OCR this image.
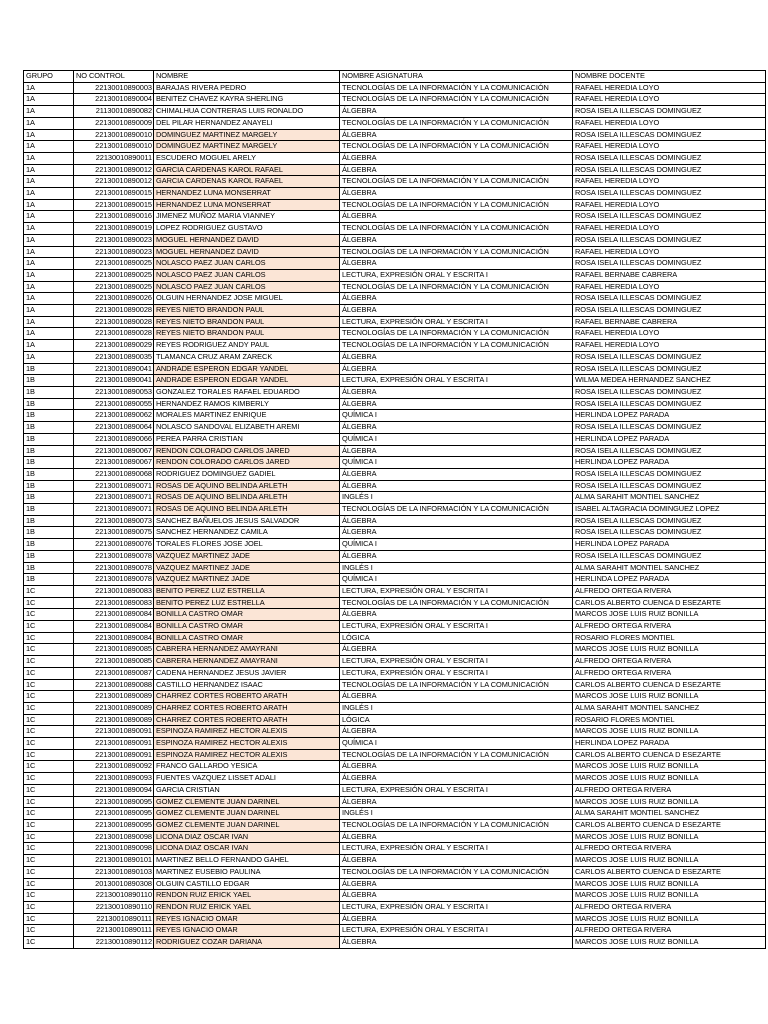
GRUPO	NO CONTROL	NOMBRE	NOMBRE ASIGNATURA	NOMBRE DOCENTE
1A	22130010890003	BARAJAS RIVERA PEDRO	TECNOLOGÍAS DE LA INFORMACIÓN Y LA COMUNICACIÓN	RAFAEL HEREDIA LOYO
1A	22130010890004	BENITEZ CHAVEZ KAYRA SHERLING	TECNOLOGÍAS DE LA INFORMACIÓN Y LA COMUNICACIÓN	RAFAEL HEREDIA LOYO
1A	21130010890082	CHIMALHUA CONTRERAS LUIS RONALDO	ÁLGEBRA	ROSA ISELA ILLESCAS DOMINGUEZ
1A	22130010890009	DEL PILAR HERNANDEZ ANAYELI	TECNOLOGÍAS DE LA INFORMACIÓN Y LA COMUNICACIÓN	RAFAEL HEREDIA LOYO
1A	22130010890010	DOMINGUEZ MARTINEZ MARGELY	ÁLGEBRA	ROSA ISELA ILLESCAS DOMINGUEZ
1A	22130010890010	DOMINGUEZ MARTINEZ MARGELY	TECNOLOGÍAS DE LA INFORMACIÓN Y LA COMUNICACIÓN	RAFAEL HEREDIA LOYO
1A	22130010890011	ESCUDERO MOGUEL ARELY	ÁLGEBRA	ROSA ISELA ILLESCAS DOMINGUEZ
1A	22130010890012	GARCIA CARDENAS KAROL RAFAEL	ÁLGEBRA	ROSA ISELA ILLESCAS DOMINGUEZ
1A	22130010890012	GARCIA CARDENAS KAROL RAFAEL	TECNOLOGÍAS DE LA INFORMACIÓN Y LA COMUNICACIÓN	RAFAEL HEREDIA LOYO
1A	22130010890015	HERNANDEZ LUNA MONSERRAT	ÁLGEBRA	ROSA ISELA ILLESCAS DOMINGUEZ
1A	22130010890015	HERNANDEZ LUNA MONSERRAT	TECNOLOGÍAS DE LA INFORMACIÓN Y LA COMUNICACIÓN	RAFAEL HEREDIA LOYO
1A	22130010890016	JIMENEZ MUÑOZ MARIA VIANNEY	ÁLGEBRA	ROSA ISELA ILLESCAS DOMINGUEZ
1A	22130010890019	LOPEZ RODRIGUEZ GUSTAVO	TECNOLOGÍAS DE LA INFORMACIÓN Y LA COMUNICACIÓN	RAFAEL HEREDIA LOYO
1A	22130010890023	MOGUEL HERNANDEZ DAVID	ÁLGEBRA	ROSA ISELA ILLESCAS DOMINGUEZ
1A	22130010890023	MOGUEL HERNANDEZ DAVID	TECNOLOGÍAS DE LA INFORMACIÓN Y LA COMUNICACIÓN	RAFAEL HEREDIA LOYO
1A	22130010890025	NOLASCO PAEZ JUAN CARLOS	ÁLGEBRA	ROSA ISELA ILLESCAS DOMINGUEZ
1A	22130010890025	NOLASCO PAEZ JUAN CARLOS	LECTURA, EXPRESIÓN ORAL Y ESCRITA I	RAFAEL BERNABE CABRERA
1A	22130010890025	NOLASCO PAEZ JUAN CARLOS	TECNOLOGÍAS DE LA INFORMACIÓN Y LA COMUNICACIÓN	RAFAEL HEREDIA LOYO
1A	22130010890026	OLGUIN HERNANDEZ JOSE MIGUEL	ÁLGEBRA	ROSA ISELA ILLESCAS DOMINGUEZ
1A	22130010890028	REYES NIETO BRANDON PAUL	ÁLGEBRA	ROSA ISELA ILLESCAS DOMINGUEZ
1A	22130010890028	REYES NIETO BRANDON PAUL	LECTURA, EXPRESIÓN ORAL Y ESCRITA I	RAFAEL BERNABE CABRERA
1A	22130010890028	REYES NIETO BRANDON PAUL	TECNOLOGÍAS DE LA INFORMACIÓN Y LA COMUNICACIÓN	RAFAEL HEREDIA LOYO
1A	22130010890029	REYES RODRIGUEZ ANDY PAUL	TECNOLOGÍAS DE LA INFORMACIÓN Y LA COMUNICACIÓN	RAFAEL HEREDIA LOYO
1A	22130010890035	TLAMANCA CRUZ ARAM ZARECK	ÁLGEBRA	ROSA ISELA ILLESCAS DOMINGUEZ
1B	22130010890041	ANDRADE ESPERON EDGAR YANDEL	ÁLGEBRA	ROSA ISELA ILLESCAS DOMINGUEZ
1B	22130010890041	ANDRADE ESPERON EDGAR YANDEL	LECTURA, EXPRESIÓN ORAL Y ESCRITA I	WILMA MEDEA HERNANDEZ SANCHEZ
1B	22130010890053	GONZALEZ TORALES RAFAEL EDUARDO	ÁLGEBRA	ROSA ISELA ILLESCAS DOMINGUEZ
1B	22130010890055	HERNANDEZ RAMOS KIMBERLY	ÁLGEBRA	ROSA ISELA ILLESCAS DOMINGUEZ
1B	22130010890062	MORALES MARTINEZ ENRIQUE	QUÍMICA I	HERLINDA LOPEZ PARADA
1B	22130010890064	NOLASCO SANDOVAL ELIZABETH AREMI	ÁLGEBRA	ROSA ISELA ILLESCAS DOMINGUEZ
1B	22130010890066	PEREA PARRA CRISTIAN	QUÍMICA I	HERLINDA LOPEZ PARADA
1B	22130010890067	RENDON COLORADO CARLOS JARED	ÁLGEBRA	ROSA ISELA ILLESCAS DOMINGUEZ
1B	22130010890067	RENDON COLORADO CARLOS JARED	QUÍMICA I	HERLINDA LOPEZ PARADA
1B	22130010890068	RODRIGUEZ DOMINGUEZ GADIEL	ÁLGEBRA	ROSA ISELA ILLESCAS DOMINGUEZ
1B	22130010890071	ROSAS DE AQUINO BELINDA ARLETH	ÁLGEBRA	ROSA ISELA ILLESCAS DOMINGUEZ
1B	22130010890071	ROSAS DE AQUINO BELINDA ARLETH	INGLÉS I	ALMA SARAHIT MONTIEL SANCHEZ
1B	22130010890071	ROSAS DE AQUINO BELINDA ARLETH	TECNOLOGÍAS DE LA INFORMACIÓN Y LA COMUNICACIÓN	ISABEL ALTAGRACIA DOMINGUEZ LOPEZ
1B	22130010890073	SANCHEZ BAÑUELOS JESUS SALVADOR	ÁLGEBRA	ROSA ISELA ILLESCAS DOMINGUEZ
1B	22130010890075	SANCHEZ HERNANDEZ CAMILA	ÁLGEBRA	ROSA ISELA ILLESCAS DOMINGUEZ
1B	22130010890076	TORALES FLORES JOSE JOEL	QUÍMICA I	HERLINDA LOPEZ PARADA
1B	22130010890078	VAZQUEZ MARTINEZ JADE	ÁLGEBRA	ROSA ISELA ILLESCAS DOMINGUEZ
1B	22130010890078	VAZQUEZ MARTINEZ JADE	INGLÉS I	ALMA SARAHIT MONTIEL SANCHEZ
1B	22130010890078	VAZQUEZ MARTINEZ JADE	QUÍMICA I	HERLINDA LOPEZ PARADA
1C	22130010890083	BENITO PEREZ LUZ ESTRELLA	LECTURA, EXPRESIÓN ORAL Y ESCRITA I	ALFREDO ORTEGA RIVERA
1C	22130010890083	BENITO PEREZ LUZ ESTRELLA	TECNOLOGÍAS DE LA INFORMACIÓN Y LA COMUNICACIÓN	CARLOS ALBERTO CUENCA D ESEZARTE
1C	22130010890084	BONILLA CASTRO OMAR	ÁLGEBRA	MARCOS JOSE LUIS RUIZ BONILLA
1C	22130010890084	BONILLA CASTRO OMAR	LECTURA, EXPRESIÓN ORAL Y ESCRITA I	ALFREDO ORTEGA RIVERA
1C	22130010890084	BONILLA CASTRO OMAR	LÓGICA	ROSARIO FLORES MONTIEL
1C	22130010890085	CABRERA HERNANDEZ AMAYRANI	ÁLGEBRA	MARCOS JOSE LUIS RUIZ BONILLA
1C	22130010890085	CABRERA HERNANDEZ AMAYRANI	LECTURA, EXPRESIÓN ORAL Y ESCRITA I	ALFREDO ORTEGA RIVERA
1C	22130010890087	CADENA HERNANDEZ JESUS JAVIER	LECTURA, EXPRESIÓN ORAL Y ESCRITA I	ALFREDO ORTEGA RIVERA
1C	22130010890088	CASTILLO HERNANDEZ ISAAC	TECNOLOGÍAS DE LA INFORMACIÓN Y LA COMUNICACIÓN	CARLOS ALBERTO CUENCA D ESEZARTE
1C	22130010890089	CHARREZ CORTES ROBERTO ARATH	ÁLGEBRA	MARCOS JOSE LUIS RUIZ BONILLA
1C	22130010890089	CHARREZ CORTES ROBERTO ARATH	INGLÉS I	ALMA SARAHIT MONTIEL SANCHEZ
1C	22130010890089	CHARREZ CORTES ROBERTO ARATH	LÓGICA	ROSARIO FLORES MONTIEL
1C	22130010890091	ESPINOZA RAMIREZ HECTOR ALEXIS	ÁLGEBRA	MARCOS JOSE LUIS RUIZ BONILLA
1C	22130010890091	ESPINOZA RAMIREZ HECTOR ALEXIS	QUÍMICA I	HERLINDA LOPEZ PARADA
1C	22130010890091	ESPINOZA RAMIREZ HECTOR ALEXIS	TECNOLOGÍAS DE LA INFORMACIÓN Y LA COMUNICACIÓN	CARLOS ALBERTO CUENCA D ESEZARTE
1C	22130010890092	FRANCO GALLARDO YESICA	ÁLGEBRA	MARCOS JOSE LUIS RUIZ BONILLA
1C	22130010890093	FUENTES VAZQUEZ LISSET ADALI	ÁLGEBRA	MARCOS JOSE LUIS RUIZ BONILLA
1C	22130010890094	GARCIA CRISTIAN	LECTURA, EXPRESIÓN ORAL Y ESCRITA I	ALFREDO ORTEGA RIVERA
1C	22130010890095	GOMEZ CLEMENTE JUAN DARINEL	ÁLGEBRA	MARCOS JOSE LUIS RUIZ BONILLA
1C	22130010890095	GOMEZ CLEMENTE JUAN DARINEL	INGLÉS I	ALMA SARAHIT MONTIEL SANCHEZ
1C	22130010890095	GOMEZ CLEMENTE JUAN DARINEL	TECNOLOGÍAS DE LA INFORMACIÓN Y LA COMUNICACIÓN	CARLOS ALBERTO CUENCA D ESEZARTE
1C	22130010890098	LICONA DIAZ OSCAR IVAN	ÁLGEBRA	MARCOS JOSE LUIS RUIZ BONILLA
1C	22130010890098	LICONA DIAZ OSCAR IVAN	LECTURA, EXPRESIÓN ORAL Y ESCRITA I	ALFREDO ORTEGA RIVERA
1C	22130010890101	MARTINEZ BELLO FERNANDO GAHEL	ÁLGEBRA	MARCOS JOSE LUIS RUIZ BONILLA
1C	22130010890103	MARTINEZ EUSEBIO PAULINA	TECNOLOGÍAS DE LA INFORMACIÓN Y LA COMUNICACIÓN	CARLOS ALBERTO CUENCA D ESEZARTE
1C	20130010890308	OLGUIN CASTILLO EDGAR	ÁLGEBRA	MARCOS JOSE LUIS RUIZ BONILLA
1C	22130010890110	RENDON RUIZ ERICK YAEL	ÁLGEBRA	MARCOS JOSE LUIS RUIZ BONILLA
1C	22130010890110	RENDON RUIZ ERICK YAEL	LECTURA, EXPRESIÓN ORAL Y ESCRITA I	ALFREDO ORTEGA RIVERA
1C	22130010890111	REYES IGNACIO OMAR	ÁLGEBRA	MARCOS JOSE LUIS RUIZ BONILLA
1C	22130010890111	REYES IGNACIO OMAR	LECTURA, EXPRESIÓN ORAL Y ESCRITA I	ALFREDO ORTEGA RIVERA
1C	22130010890112	RODRIGUEZ COZAR DARIANA	ÁLGEBRA	MARCOS JOSE LUIS RUIZ BONILLA
